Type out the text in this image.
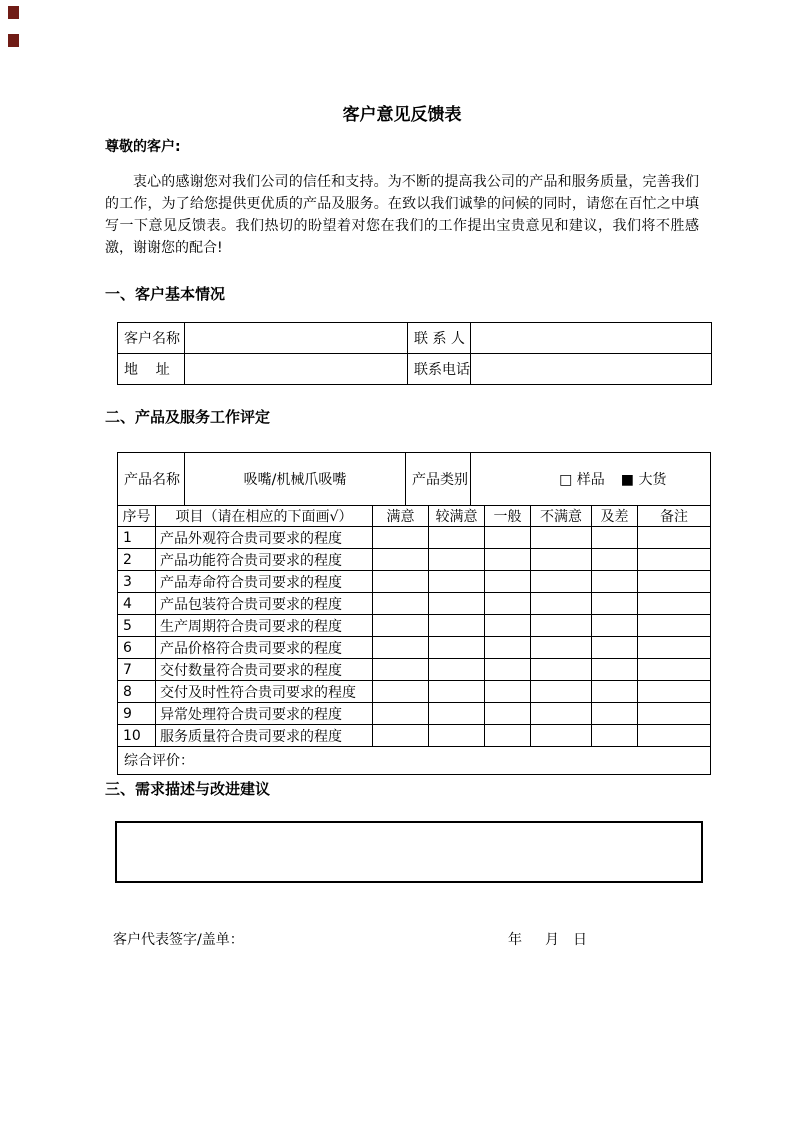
客户意见反馈表
尊敬的客户:
衷心的感谢您对我们公司的信任和支持。为不断的提高我公司的产品和服务质量，完善我们的工作，为了给您提供更优质的产品及服务。在致以我们诚挚的问候的同时，请您在百忙之中填写一下意见反馈表。我们热切的盼望着对您在我们的工作提出宝贵意见和建议，我们将不胜感激，谢谢您的配合!
一、客户基本情况
客户名称		联 系 人	
地    址		联系电话	
二、产品及服务工作评定
产品名称	吸嘴/机械爪吸嘴	产品类别	□ 样品 ■ 大货

序号	项目（请在相应的下面画√）	满意	较满意	一般	不满意	及差	备注
1	产品外观符合贵司要求的程度						
2	产品功能符合贵司要求的程度						
3	产品寿命符合贵司要求的程度						
4	产品包装符合贵司要求的程度						
5	生产周期符合贵司要求的程度						
6	产品价格符合贵司要求的程度						
7	交付数量符合贵司要求的程度						
8	交付及时性符合贵司要求的程度						
9	异常处理符合贵司要求的程度						
10	服务质量符合贵司要求的程度						
综合评价：							
三、需求描述与改进建议
客户代表签字/盖单：	年 月 日
